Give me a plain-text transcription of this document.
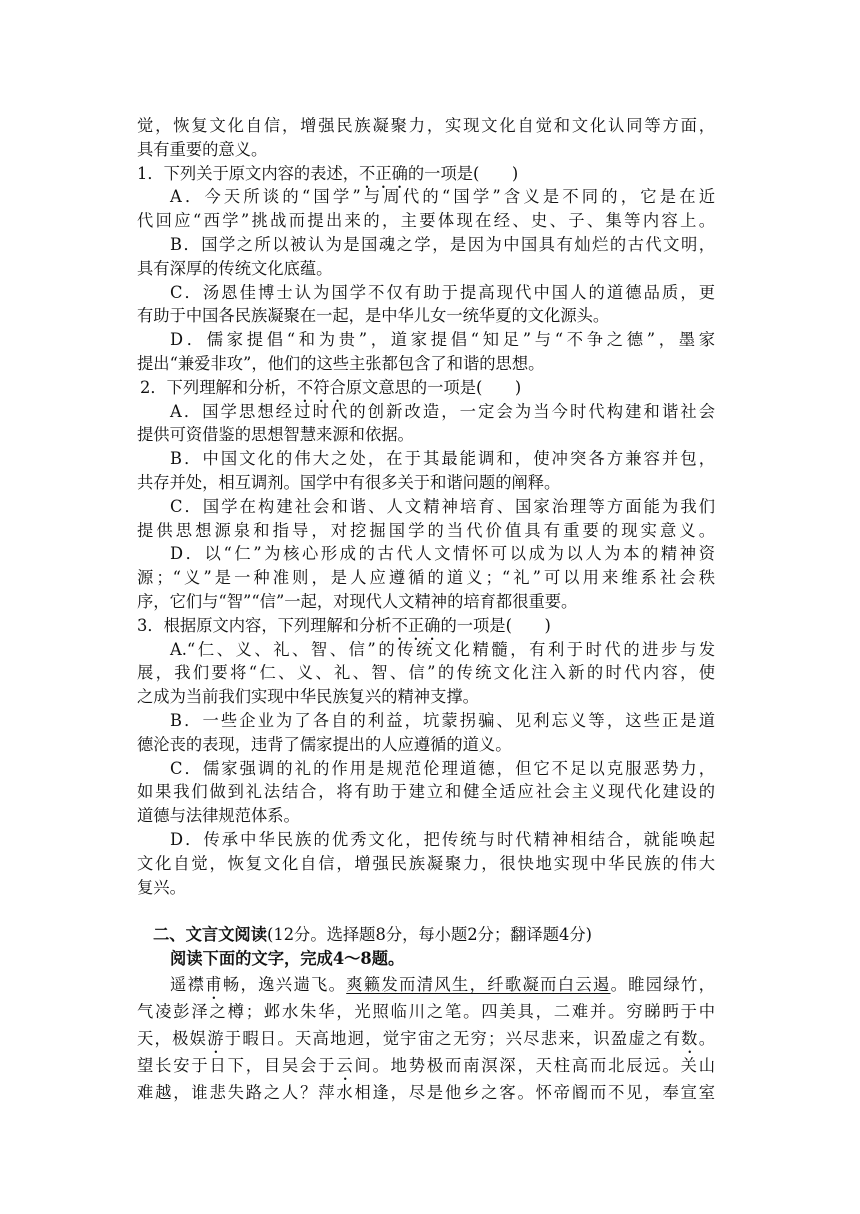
觉，恢复文化自信，增强民族凝聚力，实现文化自觉和文化认同等方面，
具有重要的意义。
1．下列关于原文内容的表述，不正确的一项是(　　)
A．今天所谈的“国学”与周代的“国学”含义是不同的，它是在近
代回应“西学”挑战而提出来的，主要体现在经、史、子、集等内容上。
B．国学之所以被认为是国魂之学，是因为中国具有灿烂的古代文明，
具有深厚的传统文化底蕴。
C．汤恩佳博士认为国学不仅有助于提高现代中国人的道德品质，更
有助于中国各民族凝聚在一起，是中华儿女一统华夏的文化源头。
D．儒家提倡“和为贵”，道家提倡“知足”与“不争之德”，墨家
提出“兼爱非攻”，他们的这些主张都包含了和谐的思想。
2．下列理解和分析，不符合原文意思的一项是(　　)
A．国学思想经过时代的创新改造，一定会为当今时代构建和谐社会
提供可资借鉴的思想智慧来源和依据。
B．中国文化的伟大之处，在于其最能调和，使冲突各方兼容并包，
共存并处，相互调剂。国学中有很多关于和谐问题的阐释。
C．国学在构建社会和谐、人文精神培育、国家治理等方面能为我们
提供思想源泉和指导，对挖掘国学的当代价值具有重要的现实意义。
D．以“仁”为核心形成的古代人文情怀可以成为以人为本的精神资
源；“义”是一种准则，是人应遵循的道义；“礼”可以用来维系社会秩
序，它们与“智”“信”一起，对现代人文精神的培育都很重要。
3．根据原文内容，下列理解和分析不正确的一项是(　　)
A.“仁、义、礼、智、信”的传统文化精髓，有利于时代的进步与发
展，我们要将“仁、义、礼、智、信”的传统文化注入新的时代内容，使
之成为当前我们实现中华民族复兴的精神支撑。
B．一些企业为了各自的利益，坑蒙拐骗、见利忘义等，这些正是道
德沦丧的表现，违背了儒家提出的人应遵循的道义。
C．儒家强调的礼的作用是规范伦理道德，但它不足以克服恶势力，
如果我们做到礼法结合，将有助于建立和健全适应社会主义现代化建设的
道德与法律规范体系。
D．传承中华民族的优秀文化，把传统与时代精神相结合，就能唤起
文化自觉，恢复文化自信，增强民族凝聚力，很快地实现中华民族的伟大
复兴。
二、文言文阅读(12分。选择题8分，每小题2分；翻译题4分)
阅读下面的文字，完成4～8题。
遥襟甫畅，逸兴遄飞。爽籁发而清风生，纤歌凝而白云遏。睢园绿竹，
气凌彭泽之樽；邺水朱华，光照临川之笔。四美具，二难并。穷睇眄于中
天，极娱游于暇日。天高地迥，觉宇宙之无穷；兴尽悲来，识盈虚之有数。
望长安于日下，目吴会于云间。地势极而南溟深，天柱高而北辰远。关山
难越，谁悲失路之人？萍水相逢，尽是他乡之客。怀帝阍而不见，奉宣室
